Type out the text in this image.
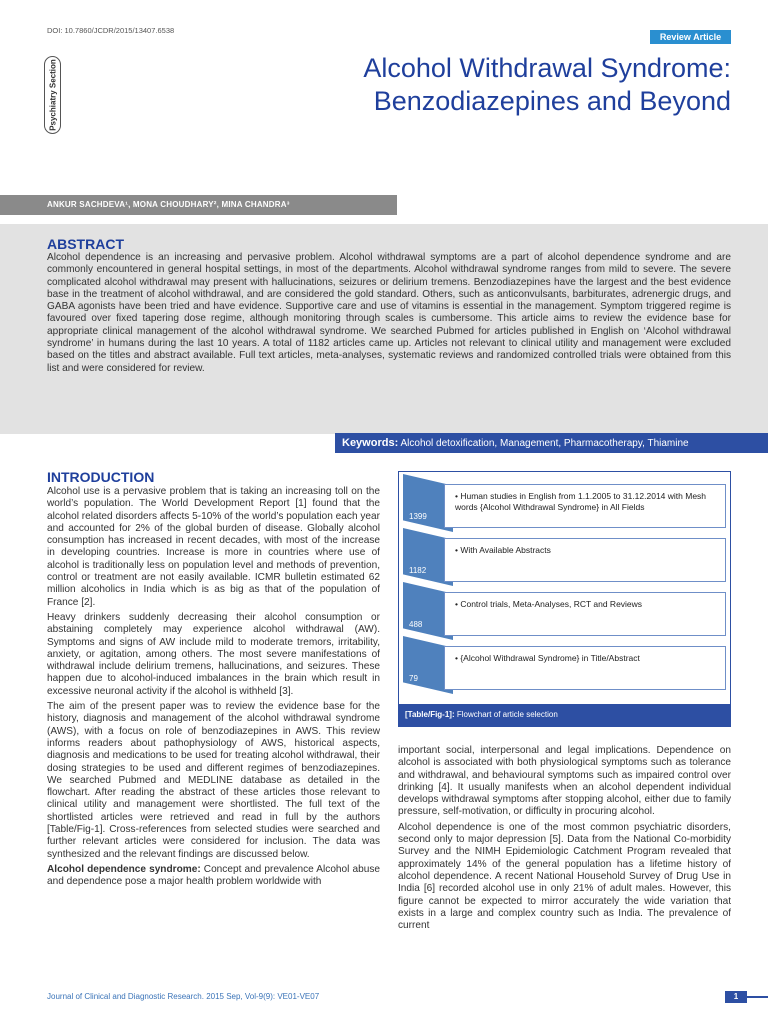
DOI: 10.7860/JCDR/2015/13407.6538
Review Article
Psychiatry Section	Alcohol Withdrawal Syndrome:
Benzodiazepines and Beyond
ANKUR SACHDEVA¹, MONA CHOUDHARY², MINA CHANDRA³
ABSTRACT
Alcohol dependence is an increasing and pervasive problem. Alcohol withdrawal symptoms are a part of alcohol dependence syndrome and are commonly encountered in general hospital settings, in most of the departments. Alcohol withdrawal syndrome ranges from mild to severe. The severe complicated alcohol withdrawal may present with hallucinations, seizures or delirium tremens. Benzodiazepines have the largest and the best evidence base in the treatment of alcohol withdrawal, and are considered the gold standard. Others, such as anticonvulsants, barbiturates, adrenergic drugs, and GABA agonists have been tried and have evidence. Supportive care and use of vitamins is essential in the management. Symptom triggered regime is favoured over fixed tapering dose regime, although monitoring through scales is cumbersome. This article aims to review the evidence base for appropriate clinical management of the alcohol withdrawal syndrome. We searched Pubmed for articles published in English on ‘Alcohol withdrawal syndrome’ in humans during the last 10 years. A total of 1182 articles came up. Articles not relevant to clinical utility and management were excluded based on the titles and abstract available. Full text articles, meta-analyses, systematic reviews and randomized controlled trials were obtained from this list and were considered for review.
Keywords: Alcohol detoxification, Management, Pharmacotherapy, Thiamine
INTRODUCTION

Alcohol use is a pervasive problem that is taking an increasing toll on the world’s population. The World Development Report [1] found that the alcohol related disorders affects 5-10% of the world’s population each year and accounted for 2% of the global burden of disease. Globally alcohol consumption has increased in recent decades, with most of the increase in developing countries. Increase is more in countries where use of alcohol is traditionally less on population level and methods of prevention, control or treatment are not easily available. ICMR bulletin estimated 62 million alcoholics in India which is as big as that of the population of France [2].

Heavy drinkers suddenly decreasing their alcohol consumption or abstaining completely may experience alcohol withdrawal (AW). Symptoms and signs of AW include mild to moderate tremors, irritability, anxiety, or agitation, among others. The most severe manifestations of withdrawal include delirium tremens, hallucinations, and seizures. These happen due to alcohol-induced imbalances in the brain which result in excessive neuronal activity if the alcohol is withheld [3].

The aim of the present paper was to review the evidence base for the history, diagnosis and management of the alcohol withdrawal syndrome (AWS), with a focus on role of benzodiazepines in AWS. This review informs readers about pathophysiology of AWS, historical aspects, diagnosis and medications to be used for treating alcohol withdrawal, their dosing strategies to be used and different regimes of benzodiazepines. We searched Pubmed and MEDLINE database as detailed in the flowchart. After reading the abstract of these articles those relevant to clinical utility and management were shortlisted. The full text of the shortlisted articles were retrieved and read in full by the authors [Table/Fig-1]. Cross-references from selected studies were searched and further relevant articles were considered for inclusion. The data was synthesized and the relevant findings are discussed below.

Alcohol dependence syndrome: Concept and prevalence Alcohol abuse and dependence pose a major health problem worldwide with

1399
• Human studies in English from 1.1.2005 to 31.12.2014 with Mesh words {Alcohol Withdrawal Syndrome} in All Fields
1182
• With Available Abstracts
488
• Control trials, Meta-Analyses, RCT and Reviews
79
• {Alcohol Withdrawal Syndrome} in Title/Abstract
[Table/Fig-1]: Flowchart of article selection

important social, interpersonal and legal implications. Dependence on alcohol is associated with both physiological symptoms such as tolerance and withdrawal, and behavioural symptoms such as impaired control over drinking [4]. It usually manifests when an alcohol dependent individual develops withdrawal symptoms after stopping alcohol, either due to family pressure, self-motivation, or difficulty in procuring alcohol.

Alcohol dependence is one of the most common psychiatric disorders, second only to major depression [5]. Data from the National Co-morbidity Survey and the NIMH Epidemiologic Catchment Program revealed that approximately 14% of the general population has a lifetime history of alcohol dependence. A recent National Household Survey of Drug Use in India [6] recorded alcohol use in only 21% of adult males. However, this figure cannot be expected to mirror accurately the wide variation that exists in a large and complex country such as India. The prevalence of current

Journal of Clinical and Diagnostic Research. 2015 Sep, Vol-9(9): VE01-VE07	1
